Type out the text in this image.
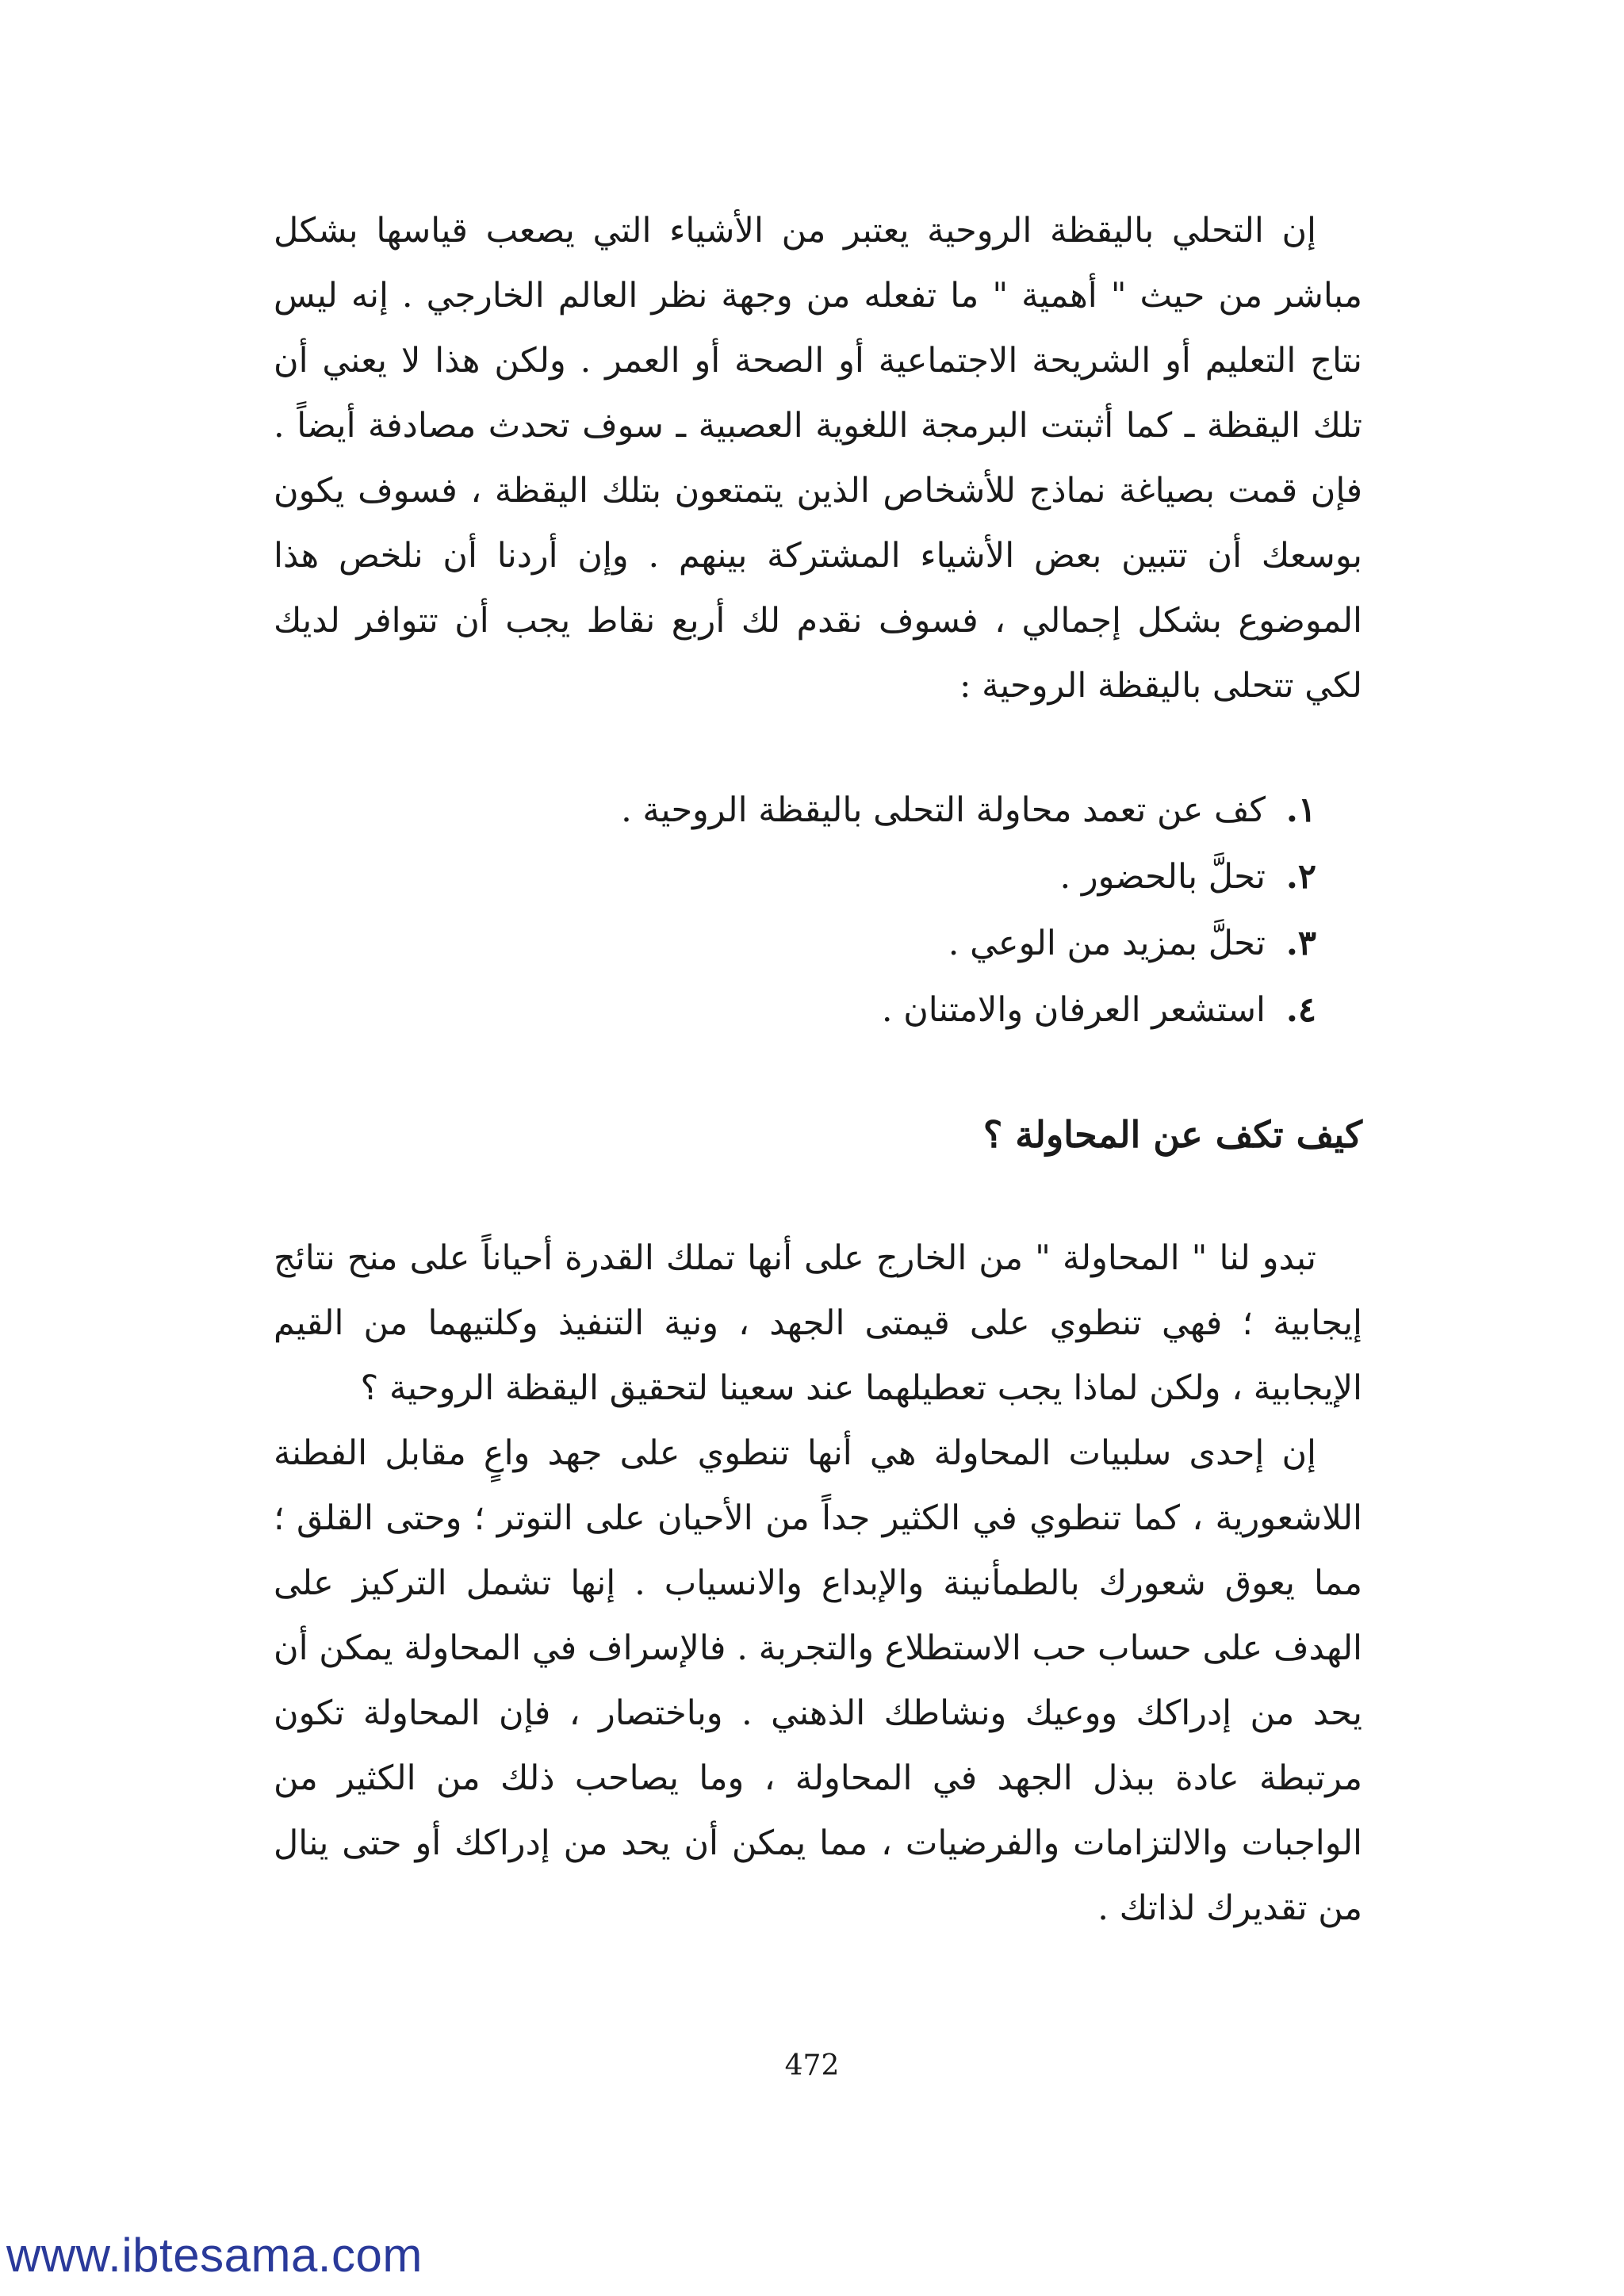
إن التحلي باليقظة الروحية يعتبر من الأشياء التي يصعب قياسها بشكل مباشر من حيث " أهمية " ما تفعله من وجهة نظر العالم الخارجي . إنه ليس نتاج التعليم أو الشريحة الاجتماعية أو الصحة أو العمر . ولكن هذا لا يعني أن تلك اليقظة ـ كما أثبتت البرمجة اللغوية العصبية ـ سوف تحدث مصادفة أيضاً . فإن قمت بصياغة نماذج للأشخاص الذين يتمتعون بتلك اليقظة ، فسوف يكون بوسعك أن تتبين بعض الأشياء المشتركة بينهم . وإن أردنا أن نلخص هذا الموضوع بشكل إجمالي ، فسوف نقدم لك أربع نقاط يجب أن تتوافر لديك لكي تتحلى باليقظة الروحية :

١.
كف عن تعمد محاولة التحلى باليقظة الروحية .
٢.
تحلَّ بالحضور .
٣.
تحلَّ بمزيد من الوعي .
٤.
استشعر العرفان والامتنان .
كيف تكف عن المحاولة ؟

تبدو لنا " المحاولة " من الخارج على أنها تملك القدرة أحياناً على منح نتائج إيجابية ؛ فهي تنطوي على قيمتى الجهد ، ونية التنفيذ وكلتيهما من القيم الإيجابية ، ولكن لماذا يجب تعطيلهما عند سعينا لتحقيق اليقظة الروحية ؟

إن إحدى سلبيات المحاولة هي أنها تنطوي على جهد واعٍ مقابل الفطنة اللاشعورية ، كما تنطوي في الكثير جداً من الأحيان على التوتر ؛ وحتى القلق ؛ مما يعوق شعورك بالطمأنينة والإبداع والانسياب . إنها تشمل التركيز على الهدف على حساب حب الاستطلاع والتجربة . فالإسراف في المحاولة يمكن أن يحد من إدراكك ووعيك ونشاطك الذهني . وباختصار ، فإن المحاولة تكون مرتبطة عادة ببذل الجهد في المحاولة ، وما يصاحب ذلك من الكثير من الواجبات والالتزامات والفرضيات ، مما يمكن أن يحد من إدراكك أو حتى ينال من تقديرك لذاتك .

472
www.ibtesama.com
